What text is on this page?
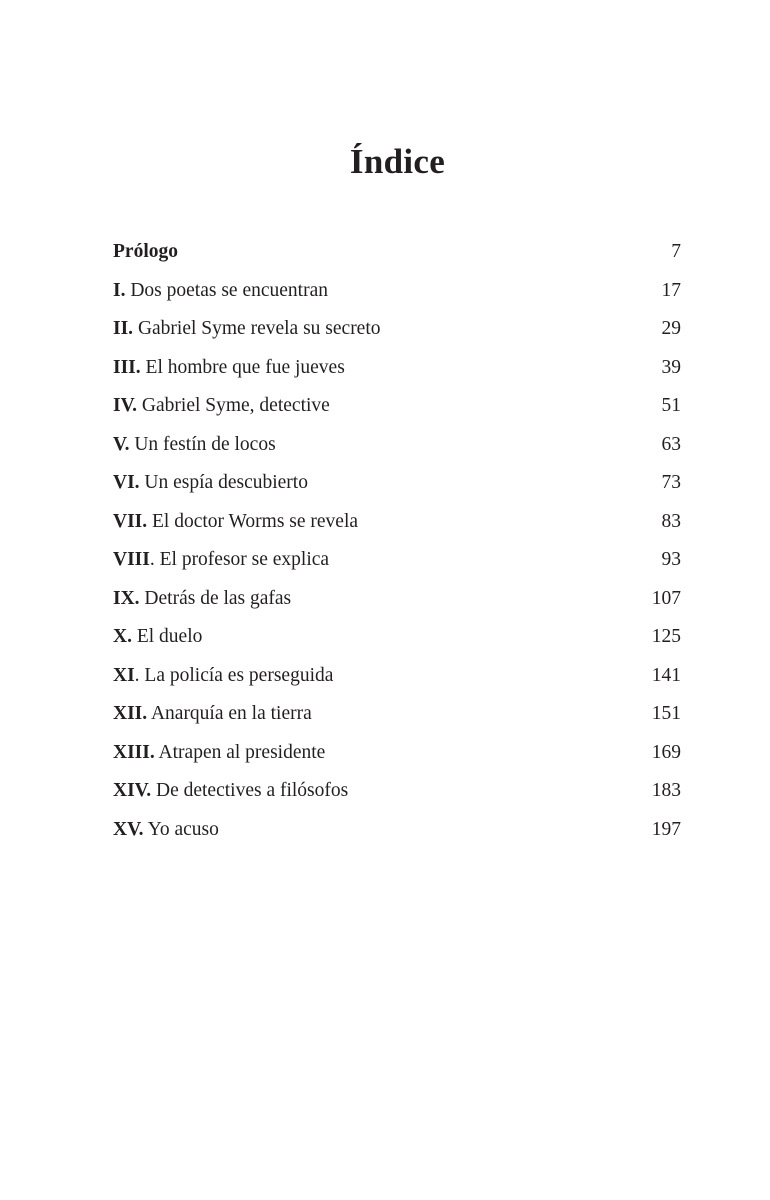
Índice
Prólogo	7
I. Dos poetas se encuentran	17
II. Gabriel Syme revela su secreto	29
III. El hombre que fue jueves	39
IV. Gabriel Syme, detective	51
V. Un festín de locos	63
VI. Un espía descubierto	73
VII. El doctor Worms se revela	83
VIII. El profesor se explica	93
IX. Detrás de las gafas	107
X. El duelo	125
XI. La policía es perseguida	141
XII. Anarquía en la tierra	151
XIII. Atrapen al presidente	169
XIV. De detectives a filósofos	183
XV. Yo acuso	197
